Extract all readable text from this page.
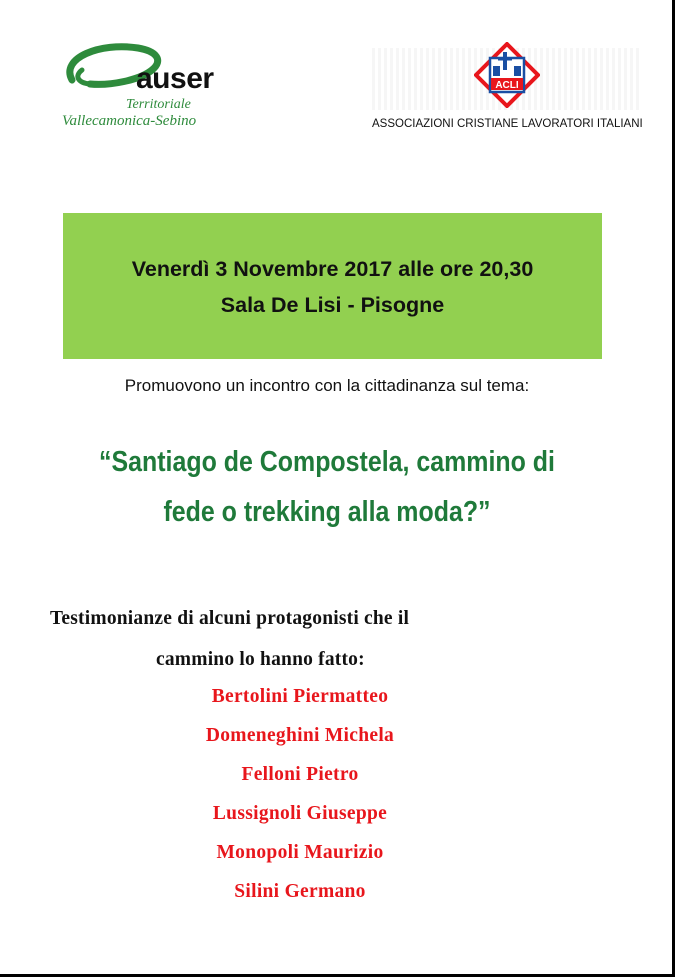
auser
Territoriale
Vallecamonica-Sebino
ACLI
ASSOCIAZIONI CRISTIANE LAVORATORI ITALIANI
Venerdì 3 Novembre 2017 alle ore 20,30
Sala De Lisi - Pisogne
Promuovono un incontro con la cittadinanza sul tema:
“Santiago de Compostela, cammino di
fede o trekking alla moda?”
Testimonianze di alcuni protagonisti che il
cammino lo hanno fatto:
Bertolini Piermatteo
Domeneghini Michela
Felloni Pietro
Lussignoli Giuseppe
Monopoli Maurizio
Silini Germano
